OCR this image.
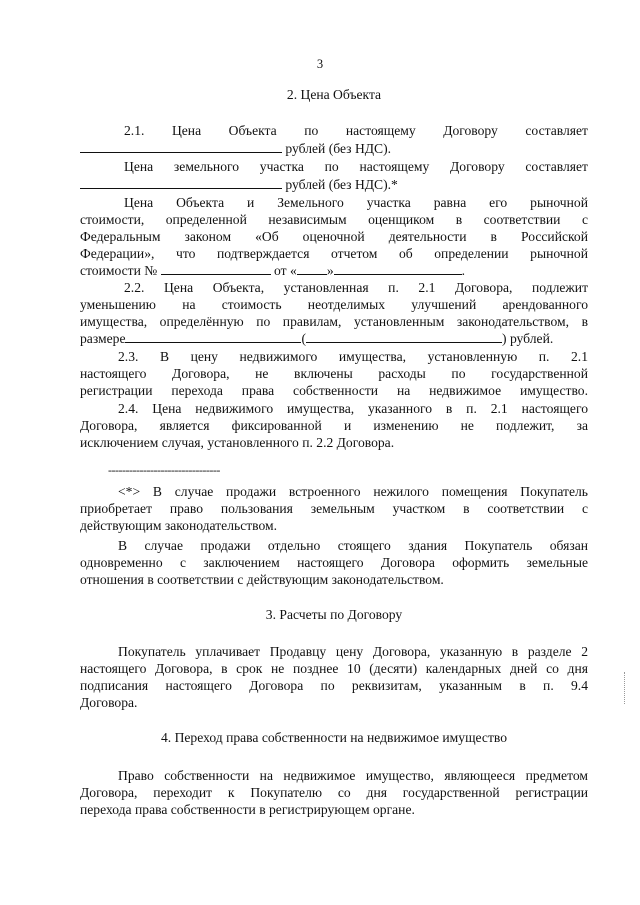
3
2. Цена Объекта
2.1. Цена Объекта по настоящему Договору составляет
рублей (без НДС).
Цена земельного участка по настоящему Договору составляет
рублей (без НДС).*
Цена Объекта и Земельного участка равна его рыночной
стоимости, определенной независимым оценщиком в соответствии с
Федеральным законом «Об оценочной деятельности в Российской
Федерации», что подтверждается отчетом об определении рыночной
стоимости №	от « »	.
2.2. Цена Объекта, установленная п. 2.1 Договора, подлежит
уменьшению на стоимость неотделимых улучшений арендованного
имущества, определённую по правилам, установленным законодательством, в
размере	(	) рублей.
2.3. В цену недвижимого имущества, установленную п. 2.1
настоящего Договора, не включены расходы по государственной
регистрации перехода права собственности на недвижимое имущество.
2.4. Цена недвижимого имущества, указанного в п. 2.1 настоящего
Договора, является фиксированной и изменению не подлежит, за
исключением случая, установленного п. 2.2 Договора.
--------------------------------
<*> В случае продажи встроенного нежилого помещения Покупатель
приобретает право пользования земельным участком в соответствии с
действующим законодательством.
В случае продажи отдельно стоящего здания Покупатель обязан
одновременно с заключением настоящего Договора оформить земельные
отношения в соответствии с действующим законодательством.
3. Расчеты по Договору
Покупатель уплачивает Продавцу цену Договора, указанную в разделе 2
настоящего Договора, в срок не позднее 10 (десяти) календарных дней со дня
подписания настоящего Договора по реквизитам, указанным в п. 9.4
Договора.
4. Переход права собственности на недвижимое имущество
Право собственности на недвижимое имущество, являющееся предметом
Договора, переходит к Покупателю со дня государственной регистрации
перехода права собственности в регистрирующем органе.
